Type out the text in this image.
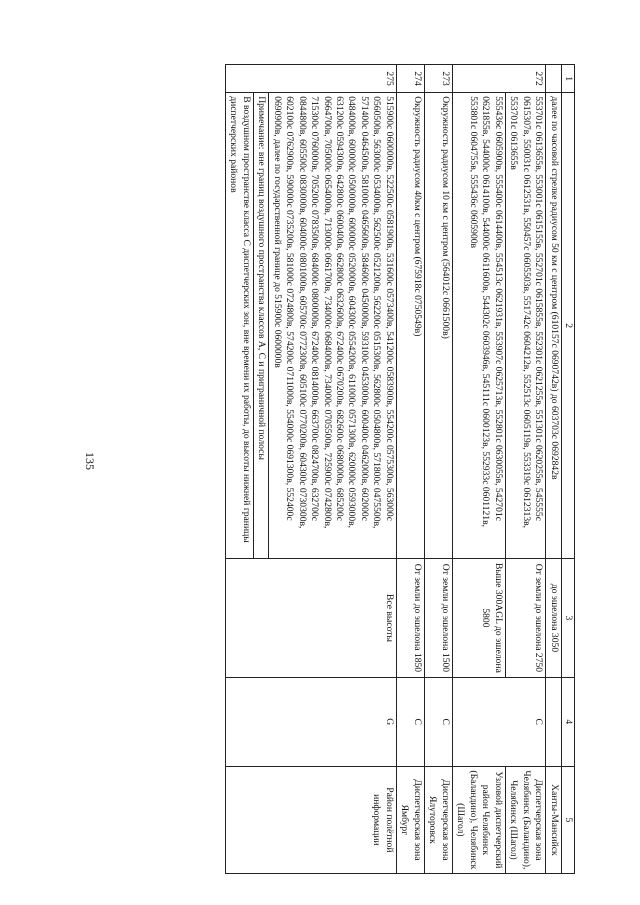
135
1	2	3	4	5
	далее по часовой стрелке радиусом 50 км с центром (610157с 0690742в) до 603703с 0692842в	до эшелона 3050		Ханты-Мансийск
272	553701с 0613655в, 553001с 0615155в, 552701с 0615855в, 552301с 0621255в, 551301с 0620255в, 545555с 0615307в, 550031с 0612531в, 550457с 0605503в, 551742с 0604212в, 552513с 0605119в, 553319с 0612313в, 553701с 0613655в	От земли до эшелона 2750	С	Диспетчерская зона Челябинск (Баландино), Челябинск (Шагол)
	555436с 0605900в, 555400с 0614400в, 554513с 0621931в, 553907с 0625713в, 552801с 0630055в, 542701с 0621855в, 544000с 0614100в, 544000с 0611600в, 544302с 0603946в, 545111с 0600123в, 552933с 0601121в, 553801с 0604755в, 555436с 0605900в	Выше 300AGL до эшелона 5800		Узловой диспетчерский район Челябинск (Баландино), Челябинск (Шагол)
273	Окружность радиусом 10 км с центром (564012с 0661500в)	От земли до эшелона 1500	С	Диспетчерская зона Ялуторовск
274	Окружность радиусом 40км с центром (675918с 0750549в)	От земли до эшелона 1850	С	Диспетчерская зона Ямбург
275	515900с 0600000в, 522500с 0581900в, 531600с 0573400в, 541200с 0583900в, 554200с 0575300в, 563000с 0560500в, 563000с 0534000в, 562500с 0521200в, 562200с 0515300в, 562800с 0504800в, 571800с 0475500в, 571400с 0464500в, 581000с 0465600в, 584600с 0450000в, 593100с 0453000в, 600400с 0462000в, 602000с 0484000в, 600000с 0500000в, 600000с 0520000в, 604300с 0554200в, 611000с 0571300в, 620000с 0593000в, 631200с 0594300в, 642800с 0600400в, 662800с 0632600в, 672400с 0670200в, 682600с 0680000в, 685200с 0664700в, 705000с 0654000в, 713000с 0661700в, 734000с 0684000в, 734000с 0705500в, 725900с 0742800в, 715300с 0760000в, 705200с 0783500в, 684000с 0800000в, 672400с 0814000в, 663700с 0824700в, 632700с 0844800в, 605500с 0830000в, 604000с 0801000в, 605700с 0772300в, 605100с 0770200в, 604300с 0730300в, 602100с 0762900в, 590000с 0735200в, 581000с 0724800в, 574200с 0711000в, 554000с 0691300в, 552400с 0690900в, далее по государственной границе до 515900с 0600000в	Все высоты	G	Район полётной информации
	Примечание: вне границ воздушного пространства классов А, С и приграничной полосы			
	В воздушном пространстве класса С диспетчерских зон, вне времени их работы, до высоты нижней границы диспетчерских районов			
